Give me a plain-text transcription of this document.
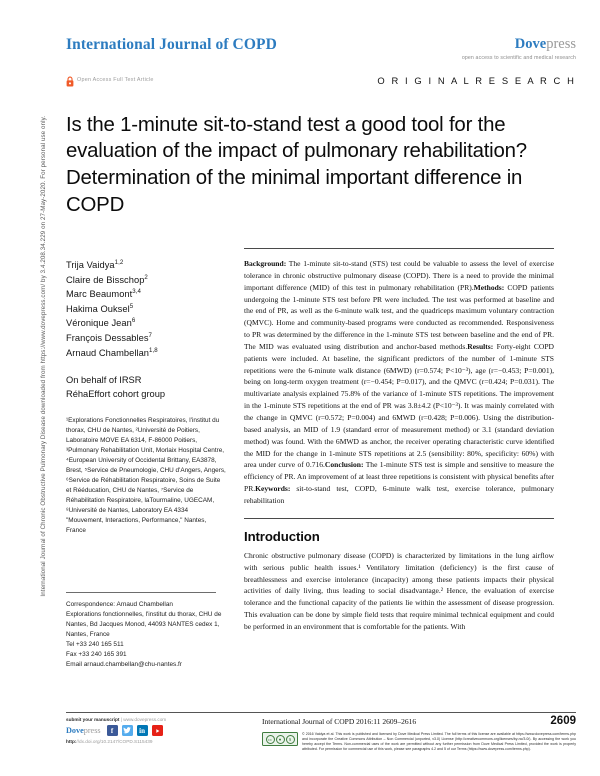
International Journal of Chronic Obstructive Pulmonary Disease downloaded from https://www.dovepress.com/ by 3.4.208.34.229 on 27-May-2020. For personal use only.
International Journal of COPD	Dovepress
open access to scientific and medical research
Open Access Full Text Article	O R I G I N A L R E S E A R C H
Is the 1-minute sit-to-stand test a good tool for the evaluation of the impact of pulmonary rehabilitation? Determination of the minimal important difference in COPD
Trija Vaidya$^{1,2}$
Claire de Bisschop$^2$
Marc Beaumont$^{3,4}$
Hakima Ouksel$^5$
Véronique Jean$^6$
François Dessables$^7$
Arnaud Chambellan$^{1,8}$
On behalf of IRSR
RéhaEffort cohort group
¹Explorations Fonctionnelles Respiratoires, l'institut du thorax, CHU de Nantes, ²Université de Poitiers, Laboratoire MOVE EA 6314, F-86000 Poitiers, ³Pulmonary Rehabilitation Unit, Morlaix Hospital Centre, ⁴European University of Occidental Brittany, EA3878, Brest, ⁵Service de Pneumologie, CHU d'Angers, Angers, ⁶Service de Réhabilitation Respiratoire, Soins de Suite et Rééducation, CHU de Nantes, ⁷Service de Réhabilitation Respiratoire, laTourmaline, UGECAM, ⁸Université de Nantes, Laboratory EA 4334 "Mouvement, Interactions, Performance," Nantes, France
Correspondence: Arnaud Chambellan
Explorations fonctionnelles, l'institut du thorax, CHU de Nantes, Bd Jacques Monod, 44093 NANTES cedex 1, Nantes, France
Tel +33 240 165 511
Fax +33 240 165 391
Email arnaud.chambellan@chu-nantes.fr

Background: The 1-minute sit-to-stand (STS) test could be valuable to assess the level of exercise tolerance in chronic obstructive pulmonary disease (COPD). There is a need to provide the minimal important difference (MID) of this test in pulmonary rehabilitation (PR).Methods: COPD patients undergoing the 1-minute STS test before PR were included. The test was performed at baseline and the end of PR, as well as the 6-minute walk test, and the quadriceps maximum voluntary contraction (QMVC). Home and community-based programs were conducted as recommended. Responsiveness to PR was determined by the difference in the 1-minute STS test between baseline and the end of PR. The MID was evaluated using distribution and anchor-based methods.Results: Forty-eight COPD patients were included. At baseline, the significant predictors of the number of 1-minute STS repetitions were the 6-minute walk distance (6MWD) (r=0.574; P<10⁻³), age (r=−0.453; P=0.001), being on long-term oxygen treatment (r=−0.454; P=0.017), and the QMVC (r=0.424; P=0.031). The multivariate analysis explained 75.8% of the variance of 1-minute STS repetitions. The improvement in the 1-minute STS repetitions at the end of PR was 3.8±4.2 (P<10⁻³). It was mainly correlated with the change in QMVC (r=0.572; P=0.004) and 6MWD (r=0.428; P=0.006). Using the distribution-based analysis, an MID of 1.9 (standard error of measurement method) or 3.1 (standard deviation method) was found. With the 6MWD as anchor, the receiver operating characteristic curve identified the MID for the change in 1-minute STS repetitions at 2.5 (sensibility: 80%, specificity: 60%) with area under curve of 0.716.Conclusion: The 1-minute STS test is simple and sensitive to measure the efficiency of PR. An improvement of at least three repetitions is consistent with physical benefits after PR.Keywords: sit-to-stand test, COPD, 6-minute walk test, exercise tolerance, pulmonary rehabilitation

Introduction
Chronic obstructive pulmonary disease (COPD) is characterized by limitations in the lung airflow with serious public health issues.¹ Ventilatory limitation (deficiency) is the first cause of breathlessness and exercise intolerance (incapacity) among these patients impacts their physical activities of daily living, thus leading to social disadvantage.² Hence, the evaluation of exercise tolerance and the functional capacity of the patients lie within the assessment of disease progression. This evaluation can be done by simple field tests that require minimal technical equipment and could be performed in an environment that is comfortable for the patients. With
submit your manuscript | www.dovepress.com
Dovepress	f	in
http://dx.doi.org/10.2147/COPD.S115439
International Journal of COPD 2016:11 2609–2616	2609
cc	●	$
© 2016 Vaidya et al. This work is published and licensed by Dove Medical Press Limited. The full terms of this license are available at https://www.dovepress.com/terms.php and incorporate the Creative Commons Attribution – Non Commercial (unported, v3.0) License (http://creativecommons.org/licenses/by-nc/3.0/). By accessing the work you hereby accept the Terms. Non-commercial uses of the work are permitted without any further permission from Dove Medical Press Limited, provided the work is properly attributed. For permission for commercial use of this work, please see paragraphs 4.2 and 5 of our Terms (https://www.dovepress.com/terms.php).
